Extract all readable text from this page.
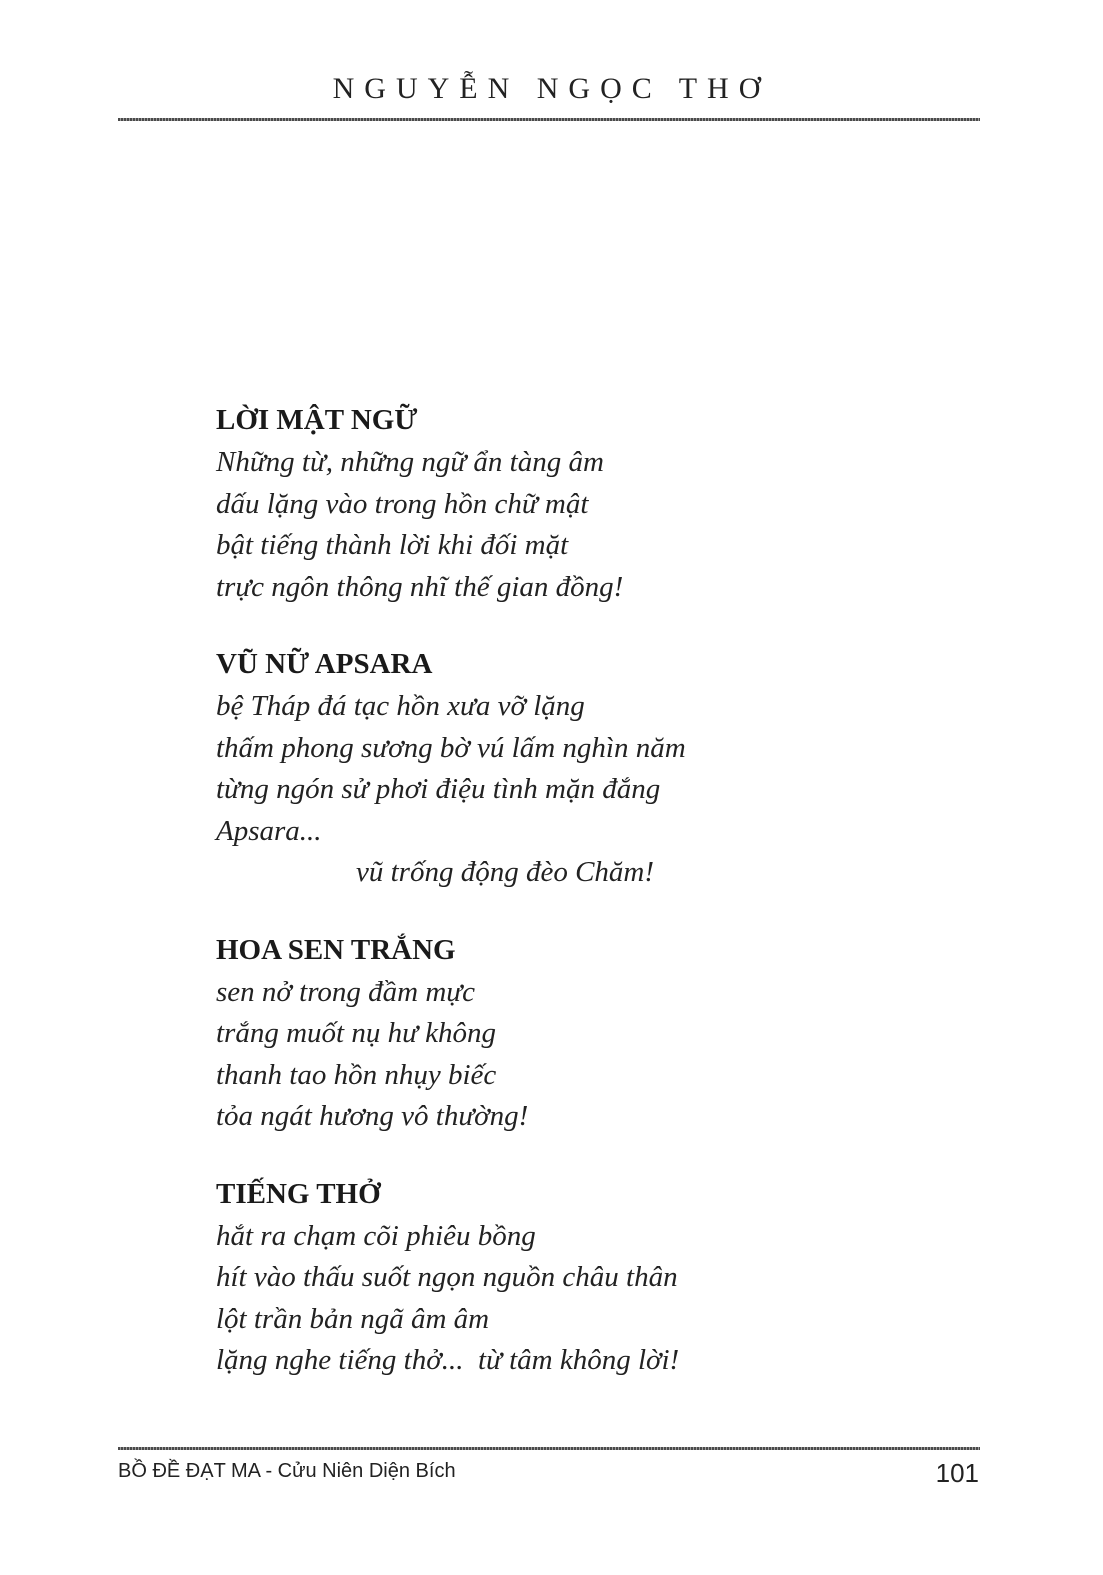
NGUYỄN NGỌC THƠ
LỜI MẬT NGỮ
Những từ, những ngữ ẩn tàng âm
dấu lặng vào trong hồn chữ mật
bật tiếng thành lời khi đối mặt
trực ngôn thông nhĩ thế gian đồng!
VŨ NỮ APSARA
bệ Tháp đá tạc hồn xưa vỡ lặng
thấm phong sương bờ vú lấm nghìn năm
từng ngón sử phơi điệu tình mặn đắng
Apsara...
vũ trống động đèo Chăm!
HOA SEN TRẮNG
sen nở trong đầm mực
trắng muốt nụ hư không
thanh tao hồn nhụy biếc
tỏa ngát hương vô thường!
TIẾNG THỞ
hắt ra chạm cõi phiêu bồng
hít vào thấu suốt ngọn nguồn châu thân
lột trần bản ngã âm âm
lặng nghe tiếng thở...  từ tâm không lời!
BỒ ĐỀ ĐẠT MA - Cửu Niên Diện Bích	101
